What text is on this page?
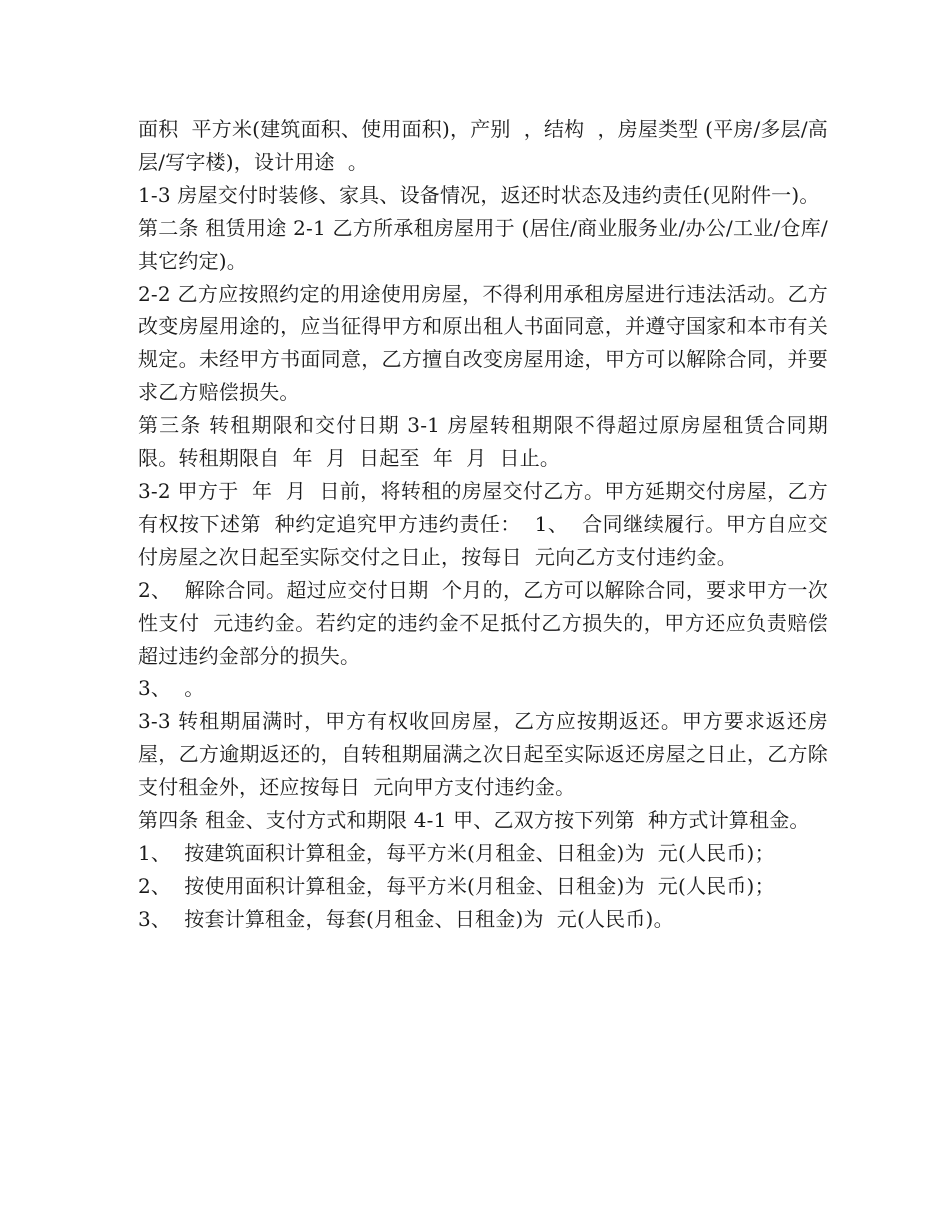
面积  平方米(建筑面积、使用面积)，产别  ，结构  ，房屋类型 (平房/多层/高层/写字楼)，设计用途  。

1-3 房屋交付时装修、家具、设备情况，返还时状态及违约责任(见附件一)。

第二条 租赁用途 2-1 乙方所承租房屋用于 (居住/商业服务业/办公/工业/仓库/其它约定)。

2-2 乙方应按照约定的用途使用房屋，不得利用承租房屋进行违法活动。乙方改变房屋用途的，应当征得甲方和原出租人书面同意，并遵守国家和本市有关规定。未经甲方书面同意，乙方擅自改变房屋用途，甲方可以解除合同，并要求乙方赔偿损失。

第三条 转租期限和交付日期 3-1 房屋转租期限不得超过原房屋租赁合同期限。转租期限自  年  月  日起至  年  月  日止。

3-2 甲方于  年  月  日前，将转租的房屋交付乙方。甲方延期交付房屋，乙方有权按下述第  种约定追究甲方违约责任：  1、  合同继续履行。甲方自应交付房屋之次日起至实际交付之日止，按每日  元向乙方支付违约金。

2、  解除合同。超过应交付日期  个月的，乙方可以解除合同，要求甲方一次性支付  元违约金。若约定的违约金不足抵付乙方损失的，甲方还应负责赔偿超过违约金部分的损失。

3、  。

3-3 转租期届满时，甲方有权收回房屋，乙方应按期返还。甲方要求返还房屋，乙方逾期返还的，自转租期届满之次日起至实际返还房屋之日止，乙方除支付租金外，还应按每日  元向甲方支付违约金。

第四条 租金、支付方式和期限 4-1 甲、乙双方按下列第  种方式计算租金。

1、  按建筑面积计算租金，每平方米(月租金、日租金)为  元(人民币)；

2、  按使用面积计算租金，每平方米(月租金、日租金)为  元(人民币)；

3、  按套计算租金，每套(月租金、日租金)为  元(人民币)。
